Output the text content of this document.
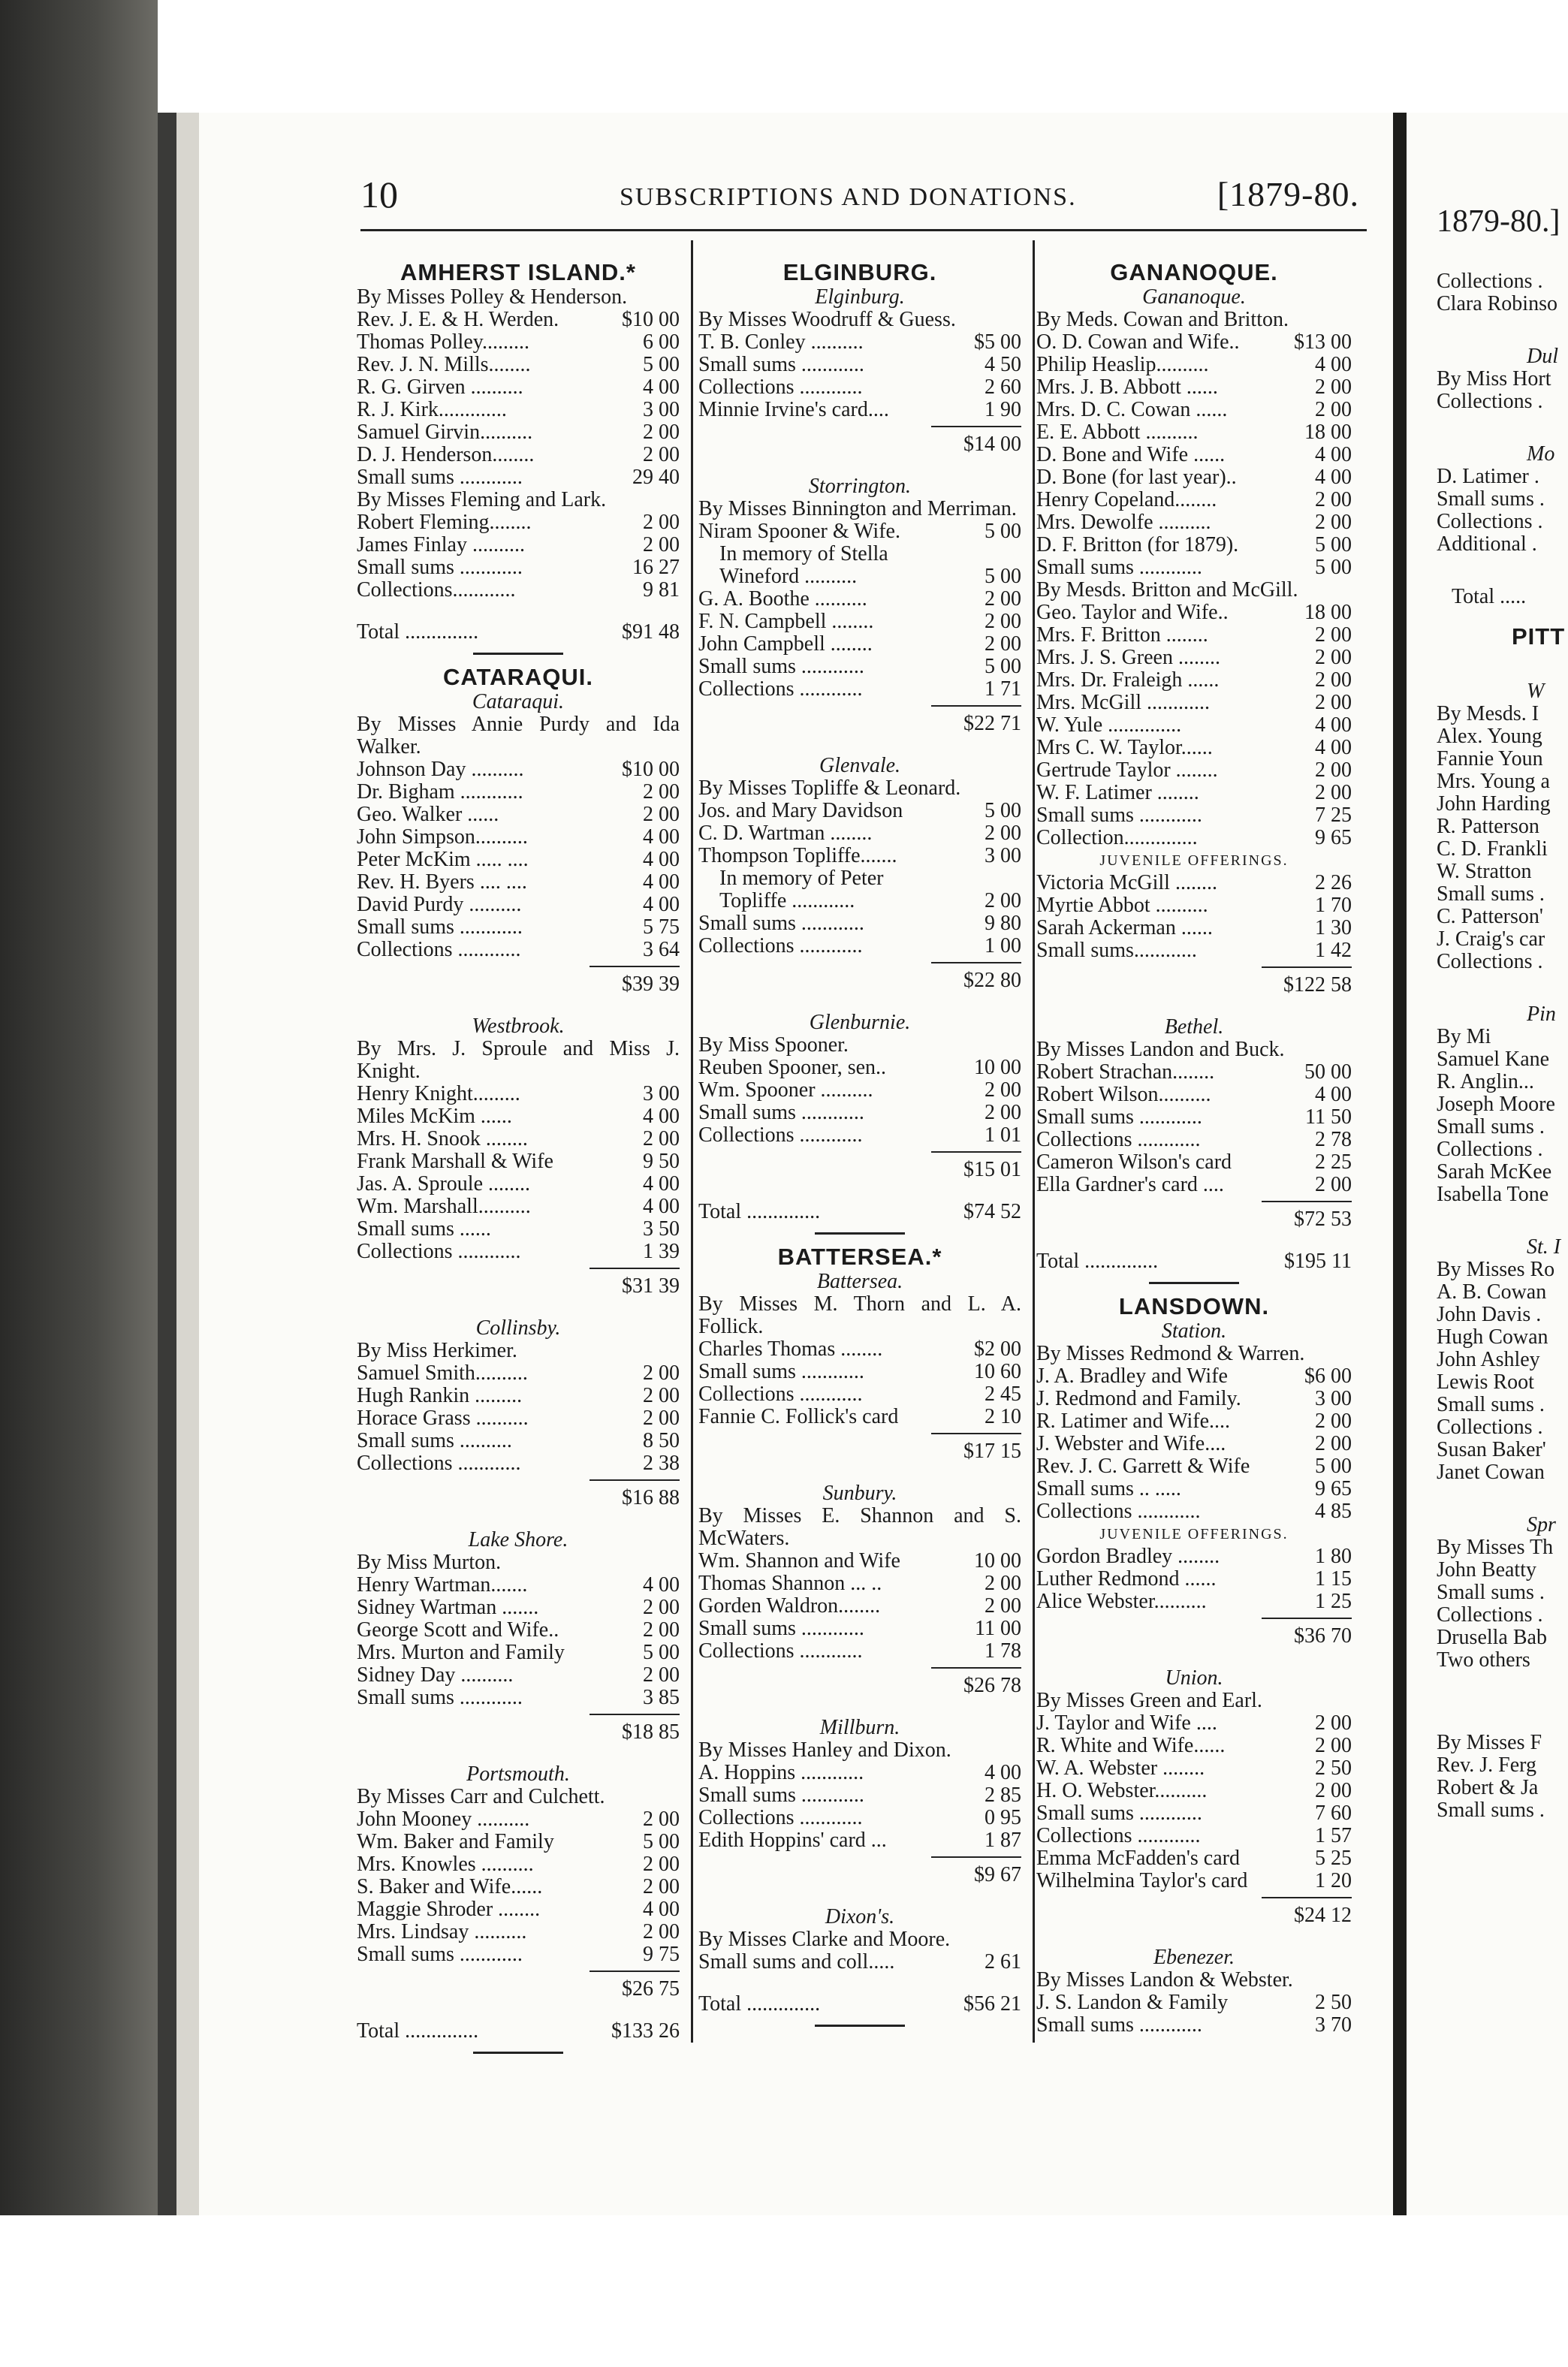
1879-80.]
Collections .
Clara Robinso
Dul
By Miss Hort
Collections .
Mo
D. Latimer .
Small sums .
Collections .
Additional .
Total .....
PITT
W
By Mesds. I
Alex. Young
Fannie Youn
Mrs. Young a
John Harding
R. Patterson
C. D. Frankli
W. Stratton
Small sums .
C. Patterson'
J. Craig's car
Collections .
Pin
By Mi
Samuel Kane
R. Anglin...
Joseph Moore
Small sums .
Collections .
Sarah McKee
Isabella Tone
St. I
By Misses Ro
A. B. Cowan
John Davis .
Hugh Cowan
John Ashley
Lewis Root
Small sums .
Collections .
Susan Baker'
Janet Cowan
Spr
By Misses Th
John Beatty
Small sums .
Collections .
Drusella Bab
Two others
By Misses F
Rev. J. Ferg
Robert & Ja
Small sums .
10	SUBSCRIPTIONS AND DONATIONS.	[1879-80.
AMHERST ISLAND.*
By Misses Polley & Henderson.
Rev. J. E. & H. Werden.	$10 00
Thomas Polley.........	6 00
Rev. J. N. Mills........	5 00
R. G. Girven ..........	4 00
R. J. Kirk.............	3 00
Samuel Girvin..........	2 00
D. J. Henderson........	2 00
Small sums ............	29 40
By Misses Fleming and Lark.
Robert Fleming........	2 00
James Finlay ..........	2 00
Small sums ............	16 27
Collections............	9 81
Total ..............	$91 48
CATARAQUI.
Cataraqui.
By Misses Annie Purdy and Ida Walker.
Johnson Day ..........	$10 00
Dr. Bigham ............	2 00
Geo. Walker ......	2 00
John Simpson..........	4 00
Peter McKim ..... ....	4 00
Rev. H. Byers .... ....	4 00
David Purdy ..........	4 00
Small sums ............	5 75
Collections ............	3 64
$39 39
Westbrook.
By Mrs. J. Sproule and Miss J. Knight.
Henry Knight.........	3 00
Miles McKim ......	4 00
Mrs. H. Snook ........	2 00
Frank Marshall & Wife	9 50
Jas. A. Sproule ........	4 00
Wm. Marshall..........	4 00
Small sums ......	3 50
Collections ............	1 39
$31 39
Collinsby.
By Miss Herkimer.
Samuel Smith..........	2 00
Hugh Rankin .........	2 00
Horace Grass ..........	2 00
Small sums ..........	8 50
Collections ............	2 38
$16 88
Lake Shore.
By Miss Murton.
Henry Wartman.......	4 00
Sidney Wartman .......	2 00
George Scott and Wife..	2 00
Mrs. Murton and Family	5 00
Sidney Day ..........	2 00
Small sums ............	3 85
$18 85
Portsmouth.
By Misses Carr and Culchett.
John Mooney ..........	2 00
Wm. Baker and Family	5 00
Mrs. Knowles ..........	2 00
S. Baker and Wife......	2 00
Maggie Shroder ........	4 00
Mrs. Lindsay ..........	2 00
Small sums ............	9 75
$26 75
Total ..............	$133 26
ELGINBURG.
Elginburg.
By Misses Woodruff & Guess.
T. B. Conley ..........	$5 00
Small sums ............	4 50
Collections ............	2 60
Minnie Irvine's card....	1 90
$14 00
Storrington.
By Misses Binnington and Merriman.
Niram Spooner & Wife.	5 00
In memory of Stella
Wineford ..........	5 00
G. A. Boothe ..........	2 00
F. N. Campbell ........	2 00
John Campbell ........	2 00
Small sums ............	5 00
Collections ............	1 71
$22 71
Glenvale.
By Misses Topliffe & Leonard.
Jos. and Mary Davidson	5 00
C. D. Wartman ........	2 00
Thompson Topliffe.......	3 00
In memory of Peter
Topliffe ............	2 00
Small sums ............	9 80
Collections ............	1 00
$22 80
Glenburnie.
By Miss Spooner.
Reuben Spooner, sen..	10 00
Wm. Spooner ..........	2 00
Small sums ............	2 00
Collections ............	1 01
$15 01
Total ..............	$74 52
BATTERSEA.*
Battersea.
By Misses M. Thorn and L. A. Follick.
Charles Thomas ........	$2 00
Small sums ............	10 60
Collections ............	2 45
Fannie C. Follick's card	2 10
$17 15
Sunbury.
By Misses E. Shannon and S. McWaters.
Wm. Shannon and Wife	10 00
Thomas Shannon ... ..	2 00
Gorden Waldron........	2 00
Small sums ............	11 00
Collections ............	1 78
$26 78
Millburn.
By Misses Hanley and Dixon.
A. Hoppins ............	4 00
Small sums ............	2 85
Collections ............	0 95
Edith Hoppins' card ...	1 87
$9 67
Dixon's.
By Misses Clarke and Moore.
Small sums and coll.....	2 61
Total ..............	$56 21
GANANOQUE.
Gananoque.
By Meds. Cowan and Britton.
O. D. Cowan and Wife..	$13 00
Philip Heaslip..........	4 00
Mrs. J. B. Abbott ......	2 00
Mrs. D. C. Cowan ......	2 00
E. E. Abbott ..........	18 00
D. Bone and Wife ......	4 00
D. Bone (for last year)..	4 00
Henry Copeland........	2 00
Mrs. Dewolfe ..........	2 00
D. F. Britton (for 1879).	5 00
Small sums ............	5 00
By Mesds. Britton and McGill.
Geo. Taylor and Wife..	18 00
Mrs. F. Britton ........	2 00
Mrs. J. S. Green ........	2 00
Mrs. Dr. Fraleigh ......	2 00
Mrs. McGill ............	2 00
W. Yule ..............	4 00
Mrs C. W. Taylor......	4 00
Gertrude Taylor ........	2 00
W. F. Latimer ........	2 00
Small sums ............	7 25
Collection..............	9 65
JUVENILE OFFERINGS.
Victoria McGill ........	2 26
Myrtie Abbot ..........	1 70
Sarah Ackerman ......	1 30
Small sums............	1 42
$122 58
Bethel.
By Misses Landon and Buck.
Robert Strachan........	50 00
Robert Wilson..........	4 00
Small sums ............	11 50
Collections ............	2 78
Cameron Wilson's card	2 25
Ella Gardner's card ....	2 00
$72 53
Total ..............	$195 11
LANSDOWN.
Station.
By Misses Redmond & Warren.
J. A. Bradley and Wife	$6 00
J. Redmond and Family.	3 00
R. Latimer and Wife....	2 00
J. Webster and Wife....	2 00
Rev. J. C. Garrett & Wife	5 00
Small sums .. .....	9 65
Collections ............	4 85
JUVENILE OFFERINGS.
Gordon Bradley ........	1 80
Luther Redmond ......	1 15
Alice Webster..........	1 25
$36 70
Union.
By Misses Green and Earl.
J. Taylor and Wife ....	2 00
R. White and Wife......	2 00
W. A. Webster ........	2 50
H. O. Webster..........	2 00
Small sums ............	7 60
Collections ............	1 57
Emma McFadden's card	5 25
Wilhelmina Taylor's card	1 20
$24 12
Ebenezer.
By Misses Landon & Webster.
J. S. Landon & Family	2 50
Small sums ............	3 70
